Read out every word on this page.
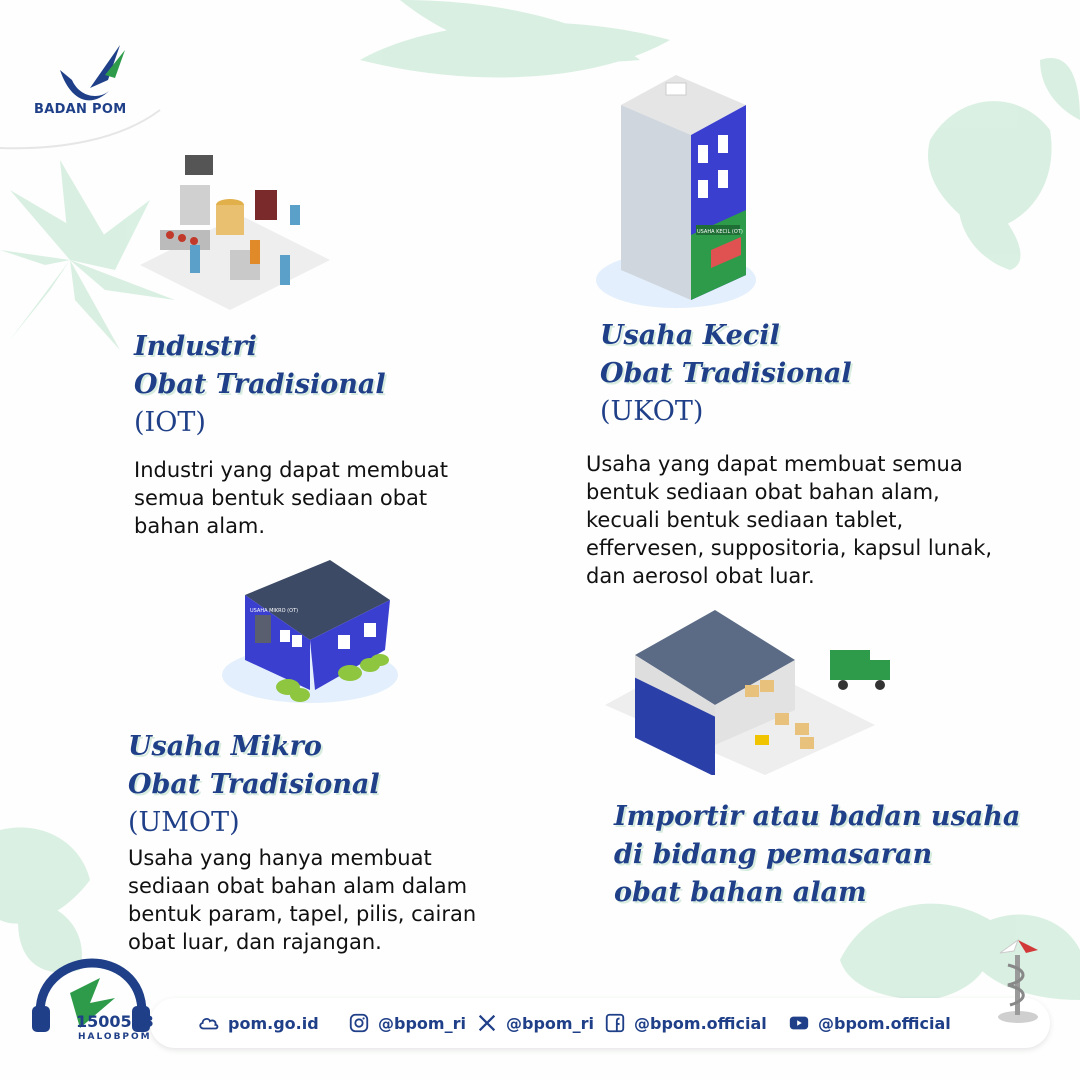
BADAN POM
Industri
Obat Tradisional
(IOT)
Industri yang dapat membuat
semua bentuk sediaan obat
bahan alam.
USAHA KECIL (OT)
Usaha Kecil
Obat Tradisional
(UKOT)
Usaha yang dapat membuat semua
bentuk sediaan obat bahan alam,
kecuali bentuk sediaan tablet,
effervesen, suppositoria, kapsul lunak,
dan aerosol obat luar.
USAHA MIKRO (OT)
Usaha Mikro
Obat Tradisional
(UMOT)
Usaha yang hanya membuat
sediaan obat bahan alam dalam
bentuk param, tapel, pilis, cairan
obat luar, dan rajangan.
Importir atau badan usaha
di bidang pemasaran
obat bahan alam
1500533
HALOBPOM
pom.go.id	@bpom_ri	@bpom_ri	@bpom.official	@bpom.official
